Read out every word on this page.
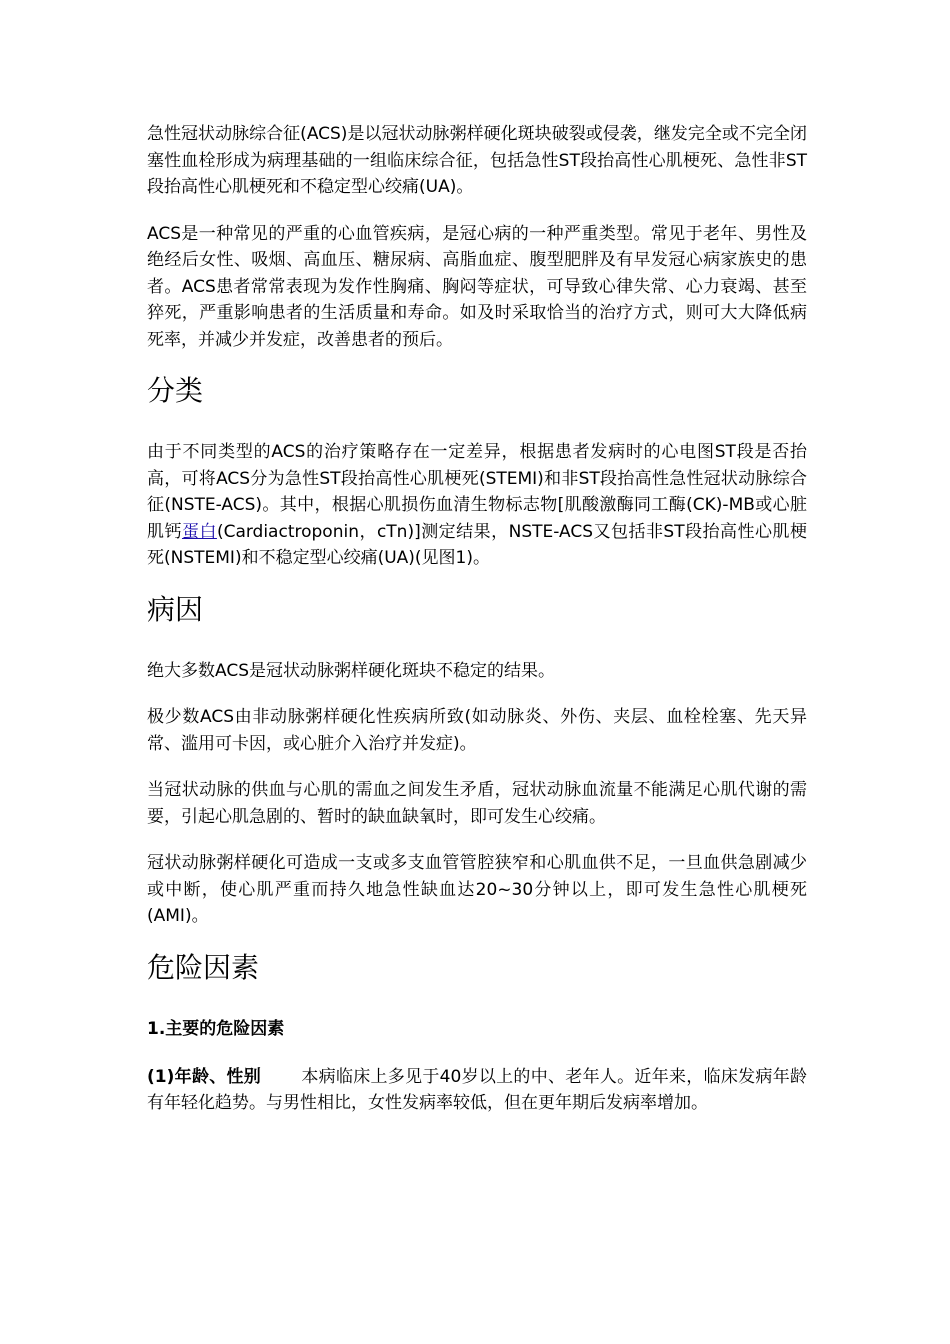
急性冠状动脉综合征(ACS)是以冠状动脉粥样硬化斑块破裂或侵袭，继发完全或不完全闭塞性血栓形成为病理基础的一组临床综合征，包括急性ST段抬高性心肌梗死、急性非ST段抬高性心肌梗死和不稳定型心绞痛(UA)。

ACS是一种常见的严重的心血管疾病，是冠心病的一种严重类型。常见于老年、男性及绝经后女性、吸烟、高血压、糖尿病、高脂血症、腹型肥胖及有早发冠心病家族史的患者。ACS患者常常表现为发作性胸痛、胸闷等症状，可导致心律失常、心力衰竭、甚至猝死，严重影响患者的生活质量和寿命。如及时采取恰当的治疗方式，则可大大降低病死率，并减少并发症，改善患者的预后。

分类

由于不同类型的ACS的治疗策略存在一定差异，根据患者发病时的心电图ST段是否抬高，可将ACS分为急性ST段抬高性心肌梗死(STEMI)和非ST段抬高性急性冠状动脉综合征(NSTE-ACS)。其中，根据心肌损伤血清生物标志物[肌酸激酶同工酶(CK)-MB或心脏肌钙蛋白(Cardiactroponin，cTn)]测定结果，NSTE-ACS又包括非ST段抬高性心肌梗死(NSTEMI)和不稳定型心绞痛(UA)(见图1)。

病因

绝大多数ACS是冠状动脉粥样硬化斑块不稳定的结果。

极少数ACS由非动脉粥样硬化性疾病所致(如动脉炎、外伤、夹层、血栓栓塞、先天异常、滥用可卡因，或心脏介入治疗并发症)。

当冠状动脉的供血与心肌的需血之间发生矛盾，冠状动脉血流量不能满足心肌代谢的需要，引起心肌急剧的、暂时的缺血缺氧时，即可发生心绞痛。

冠状动脉粥样硬化可造成一支或多支血管管腔狭窄和心肌血供不足，一旦血供急剧减少或中断，使心肌严重而持久地急性缺血达20~30分钟以上，即可发生急性心肌梗死(AMI)。

危险因素

1.主要的危险因素

(1)年龄、性别 本病临床上多见于40岁以上的中、老年人。近年来，临床发病年龄有年轻化趋势。与男性相比，女性发病率较低，但在更年期后发病率增加。
